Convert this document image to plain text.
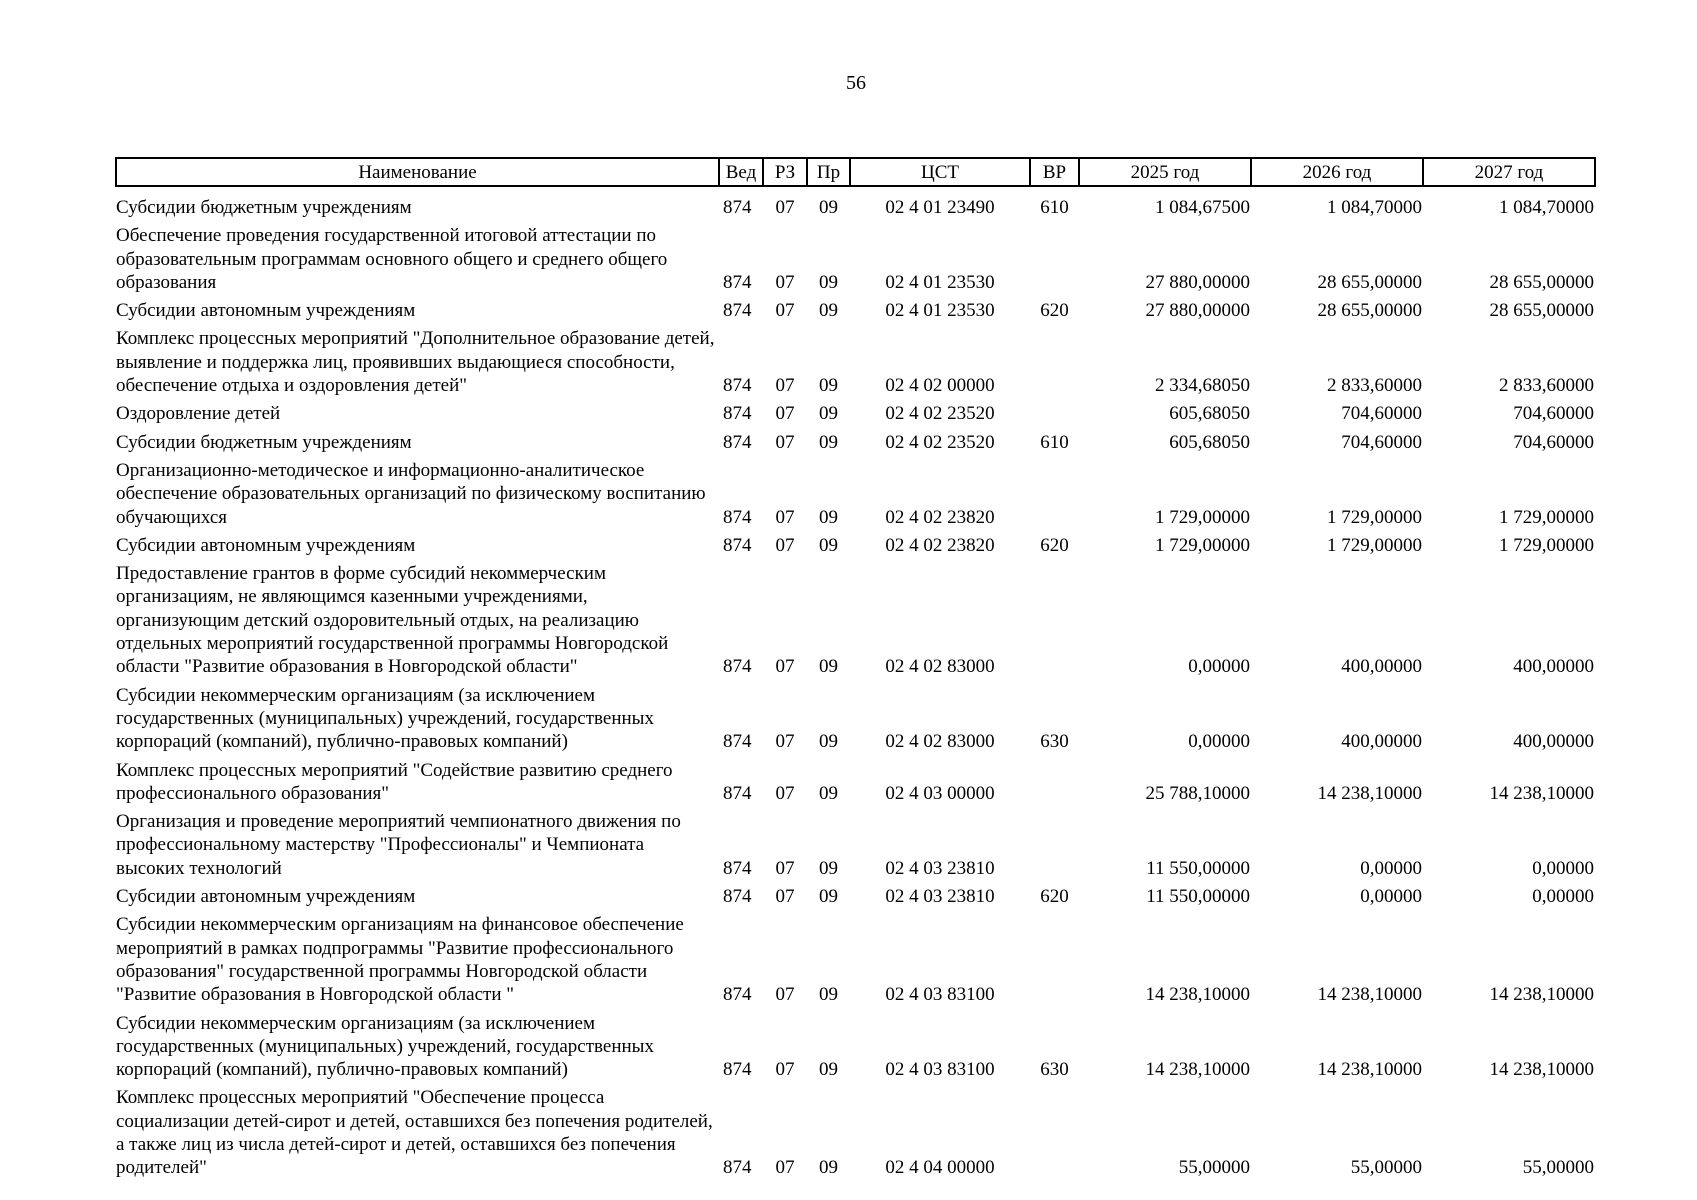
56
Наименование	Вед	РЗ	Пр	ЦСТ	ВР	2025 год	2026 год	2027 год
Субсидии бюджетным учреждениям	874	07	09	02 4 01 23490	610	1 084,67500	1 084,70000	1 084,70000
Обеспечение проведения государственной итоговой аттестации по образовательным программам основного общего и среднего общего образования	874	07	09	02 4 01 23530		27 880,00000	28 655,00000	28 655,00000
Субсидии автономным учреждениям	874	07	09	02 4 01 23530	620	27 880,00000	28 655,00000	28 655,00000
Комплекс процессных мероприятий "Дополнительное образование детей, выявление и поддержка лиц, проявивших выдающиеся способности, обеспечение отдыха и оздоровления детей"	874	07	09	02 4 02 00000		2 334,68050	2 833,60000	2 833,60000
Оздоровление детей	874	07	09	02 4 02 23520		605,68050	704,60000	704,60000
Субсидии бюджетным учреждениям	874	07	09	02 4 02 23520	610	605,68050	704,60000	704,60000
Организационно-методическое и информационно-аналитическое обеспечение образовательных организаций по физическому воспитанию обучающихся	874	07	09	02 4 02 23820		1 729,00000	1 729,00000	1 729,00000
Субсидии автономным учреждениям	874	07	09	02 4 02 23820	620	1 729,00000	1 729,00000	1 729,00000
Предоставление грантов в форме субсидий некоммерческим организациям, не являющимся казенными учреждениями, организующим детский оздоровительный отдых, на реализацию отдельных мероприятий государственной программы Новгородской области "Развитие образования в Новгородской области"	874	07	09	02 4 02 83000		0,00000	400,00000	400,00000
Субсидии некоммерческим организациям (за исключением государственных (муниципальных) учреждений, государственных корпораций (компаний), публично-правовых компаний)	874	07	09	02 4 02 83000	630	0,00000	400,00000	400,00000
Комплекс процессных мероприятий "Содействие развитию среднего профессионального образования"	874	07	09	02 4 03 00000		25 788,10000	14 238,10000	14 238,10000
Организация и проведение мероприятий чемпионатного движения по профессиональному мастерству "Профессионалы" и Чемпионата высоких технологий	874	07	09	02 4 03 23810		11 550,00000	0,00000	0,00000
Субсидии автономным учреждениям	874	07	09	02 4 03 23810	620	11 550,00000	0,00000	0,00000
Субсидии некоммерческим организациям на финансовое обеспечение мероприятий в рамках подпрограммы "Развитие профессионального образования" государственной программы Новгородской области "Развитие образования в Новгородской области "	874	07	09	02 4 03 83100		14 238,10000	14 238,10000	14 238,10000
Субсидии некоммерческим организациям (за исключением государственных (муниципальных) учреждений, государственных корпораций (компаний), публично-правовых компаний)	874	07	09	02 4 03 83100	630	14 238,10000	14 238,10000	14 238,10000
Комплекс процессных мероприятий "Обеспечение процесса социализации детей-сирот и детей, оставшихся без попечения родителей, а также лиц из числа детей-сирот и детей, оставшихся без попечения родителей"	874	07	09	02 4 04 00000		55,00000	55,00000	55,00000
